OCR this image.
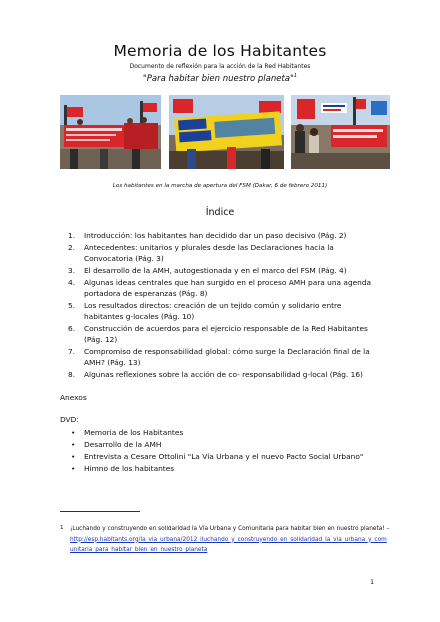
Memoria de los Habitantes
Documento de reflexión para la acción de la Red Habitantes
"Para habitar bien nuestro planeta"$^1$
Los habitantes en la marcha de apertura del FSM (Dakar, 6 de febrero 2011)
Índice
1. Introducción: los habitantes han decidido dar un paso decisivo (Pág. 2)
2. Antecedentes: unitarios y plurales desde las Declaraciones hacia la Convocatoria (Pág. 3)
3. El desarrollo de la AMH, autogestionada y en el marco del FSM (Pág. 4)
4. Algunas ideas centrales que han surgido en el proceso AMH para una agenda portadora de esperanzas (Pág. 8)
5. Los resultados directos: creación de un tejido común y solidario entre habitantes g-locales (Pág. 10)
6. Construcción de acuerdos para el ejercicio responsable de la Red Habitantes (Pág. 12)
7. Compromiso de responsabilidad global: cómo surge la Declaración final de la AMH? (Pág. 13)
8. Algunas reflexiones sobre la acción de co- responsabilidad g-local (Pág. 16)
Anexos
DVD:
• Memoria de los Habitantes
• Desarrollo de la AMH
• Entrevista a Cesare Ottolini "La Vía Urbana y el nuevo Pacto Social Urbano"
• Himno de los habitantes
1	¡Luchando y construyendo en solidaridad la Vía Urbana y Comunitaria para habitar bien en nuestro planeta! –
http://esp.habitants.org/la_via_urbana/2012_iluchando_y_construyendo_en_solidaridad_la_via_urbana_y_comunitaria_para_habitar_bien_en_nuestro_planeta
1
